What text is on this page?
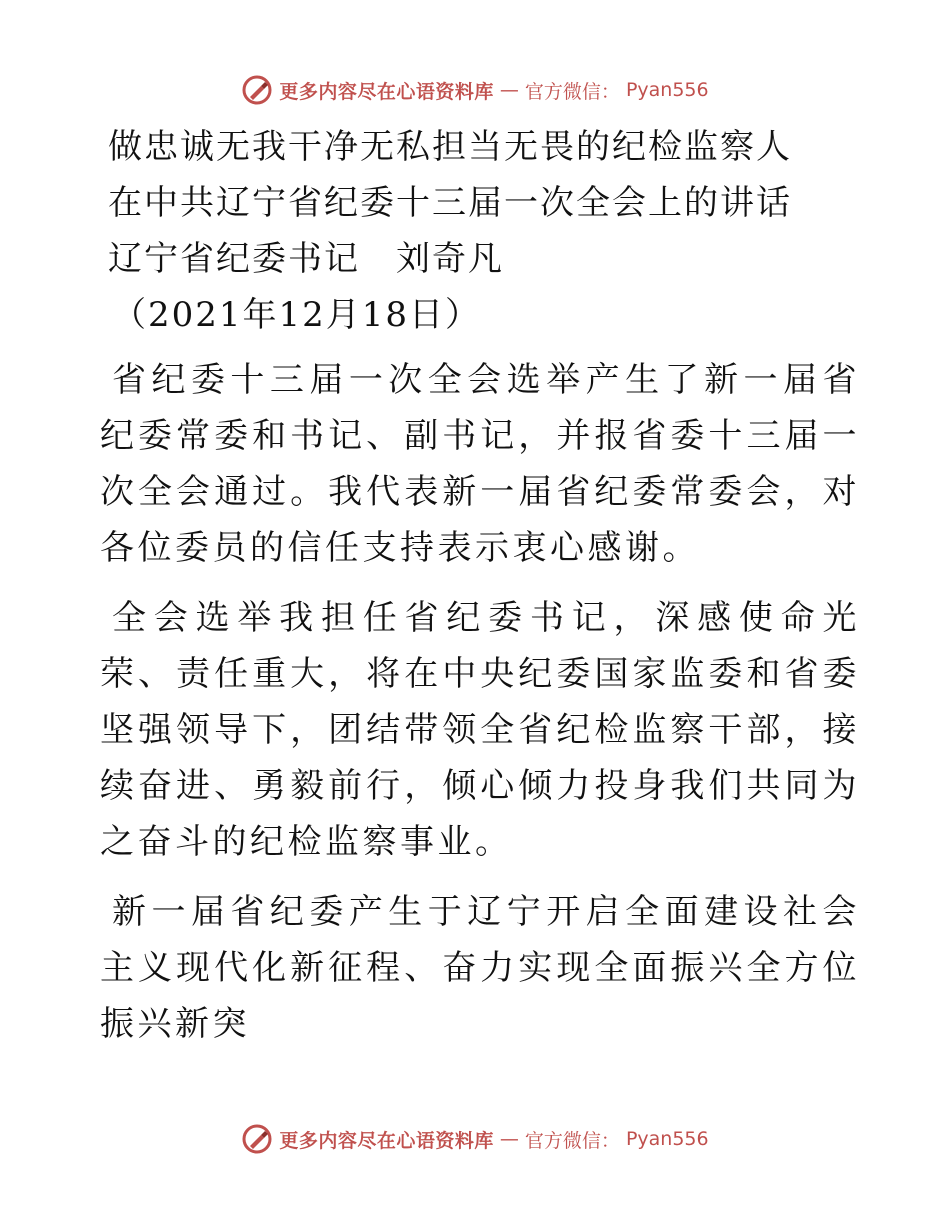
更多内容尽在心语资料库 — 官方微信： Pyan556
做忠诚无我干净无私担当无畏的纪检监察人
在中共辽宁省纪委十三届一次全会上的讲话
辽宁省纪委书记　刘奇凡
（2021年12月18日）

省纪委十三届一次全会选举产生了新一届省纪委常委和书记、副书记，并报省委十三届一次全会通过。我代表新一届省纪委常委会，对各位委员的信任支持表示衷心感谢。

全会选举我担任省纪委书记，深感使命光荣、责任重大，将在中央纪委国家监委和省委坚强领导下，团结带领全省纪检监察干部，接续奋进、勇毅前行，倾心倾力投身我们共同为之奋斗的纪检监察事业。

新一届省纪委产生于辽宁开启全面建设社会主义现代化新征程、奋力实现全面振兴全方位振兴新突

更多内容尽在心语资料库 — 官方微信： Pyan556
